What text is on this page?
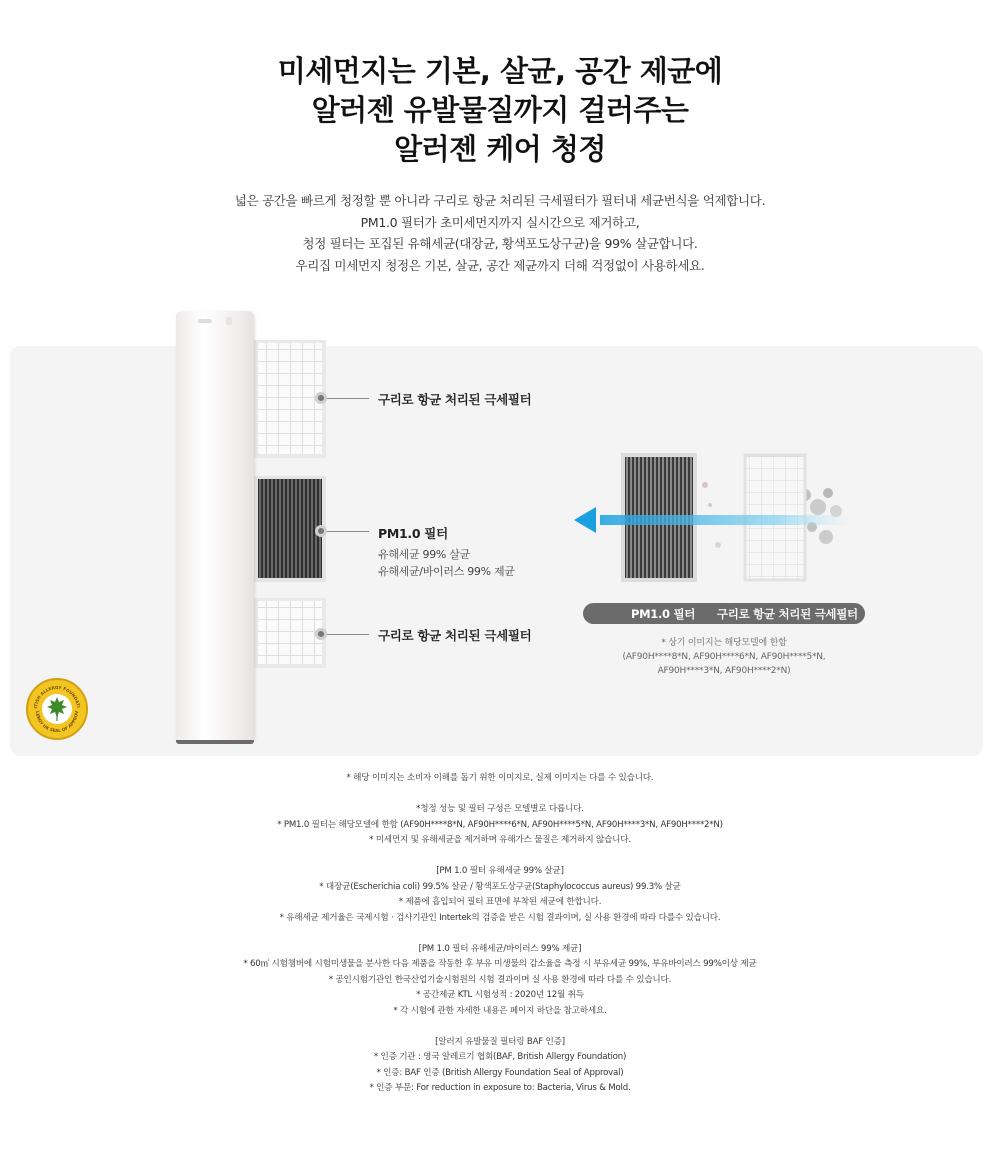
미세먼지는 기본, 살균, 공간 제균에
알러젠 유발물질까지 걸러주는
알러젠 케어 청정
넓은 공간을 빠르게 청정할 뿐 아니라 구리로 항균 처리된 극세필터가 필터내 세균번식을 억제합니다.
PM1.0 필터가 초미세먼지까지 실시간으로 제거하고,
청정 필터는 포집된 유해세균(대장균, 황색포도상구균)을 99% 살균합니다.
우리집 미세먼지 청정은 기본, 살균, 공간 제균까지 더해 걱정없이 사용하세요.
구리로 항균 처리된 극세필터
PM1.0 필터
유해세균 99% 살균
유해세균/바이러스 99% 제균
구리로 항균 처리된 극세필터
ITISH ALLERGY FOUNDATI
LERGY UK SEAL OF APPROV
PM1.0 필터 구리로 항균 처리된 극세필터
* 상기 이미지는 해당모델에 한함
(AF90H****8*N, AF90H****6*N, AF90H****5*N,
AF90H****3*N, AF90H****2*N)
* 해당 이미지는 소비자 이해를 돕기 위한 이미지로, 실제 이미지는 다를 수 있습니다.
*청정 성능 및 필터 구성은 모델별로 다릅니다.
* PM1.0 필터는 해당모델에 한함 (AF90H****8*N, AF90H****6*N, AF90H****5*N, AF90H****3*N, AF90H****2*N)
* 미세먼지 및 유해세균을 제거하며 유해가스 물질은 제거하지 않습니다.
[PM 1.0 필터 유해세균 99% 살균]
* 대장균(Escherichia coli) 99.5% 살균 / 황색포도상구균(Staphylococcus aureus) 99.3% 살균
* 제품에 흡입되어 필터 표면에 부착된 세균에 한합니다.
* 유해세균 제거율은 국제시험 · 검사기관인 Intertek의 검증을 받은 시험 결과이며, 실 사용 환경에 따라 다를수 있습니다.
[PM 1.0 필터 유해세균/바이러스 99% 제균]
* 60㎥ 시험챔버에 시험미생물을 분사한 다음 제품을 작동한 후 부유 미생물의 감소율을 측정 시 부유세균 99%, 부유바이러스 99%이상 제균
* 공인시험기관인 한국산업기술시험원의 시험 결과이며 실 사용 환경에 따라 다를 수 있습니다.
* 공간제균 KTL 시험성적 : 2020년 12월 취득
* 각 시험에 관한 자세한 내용은 페이지 하단을 참고하세요.
[알러지 유발물질 필터링 BAF 인증]
* 인증 기관 : 영국 알레르기 협회(BAF, British Allergy Foundation)
* 인증: BAF 인증 (British Allergy Foundation Seal of Approval)
* 인증 부문: For reduction in exposure to: Bacteria, Virus & Mold.
